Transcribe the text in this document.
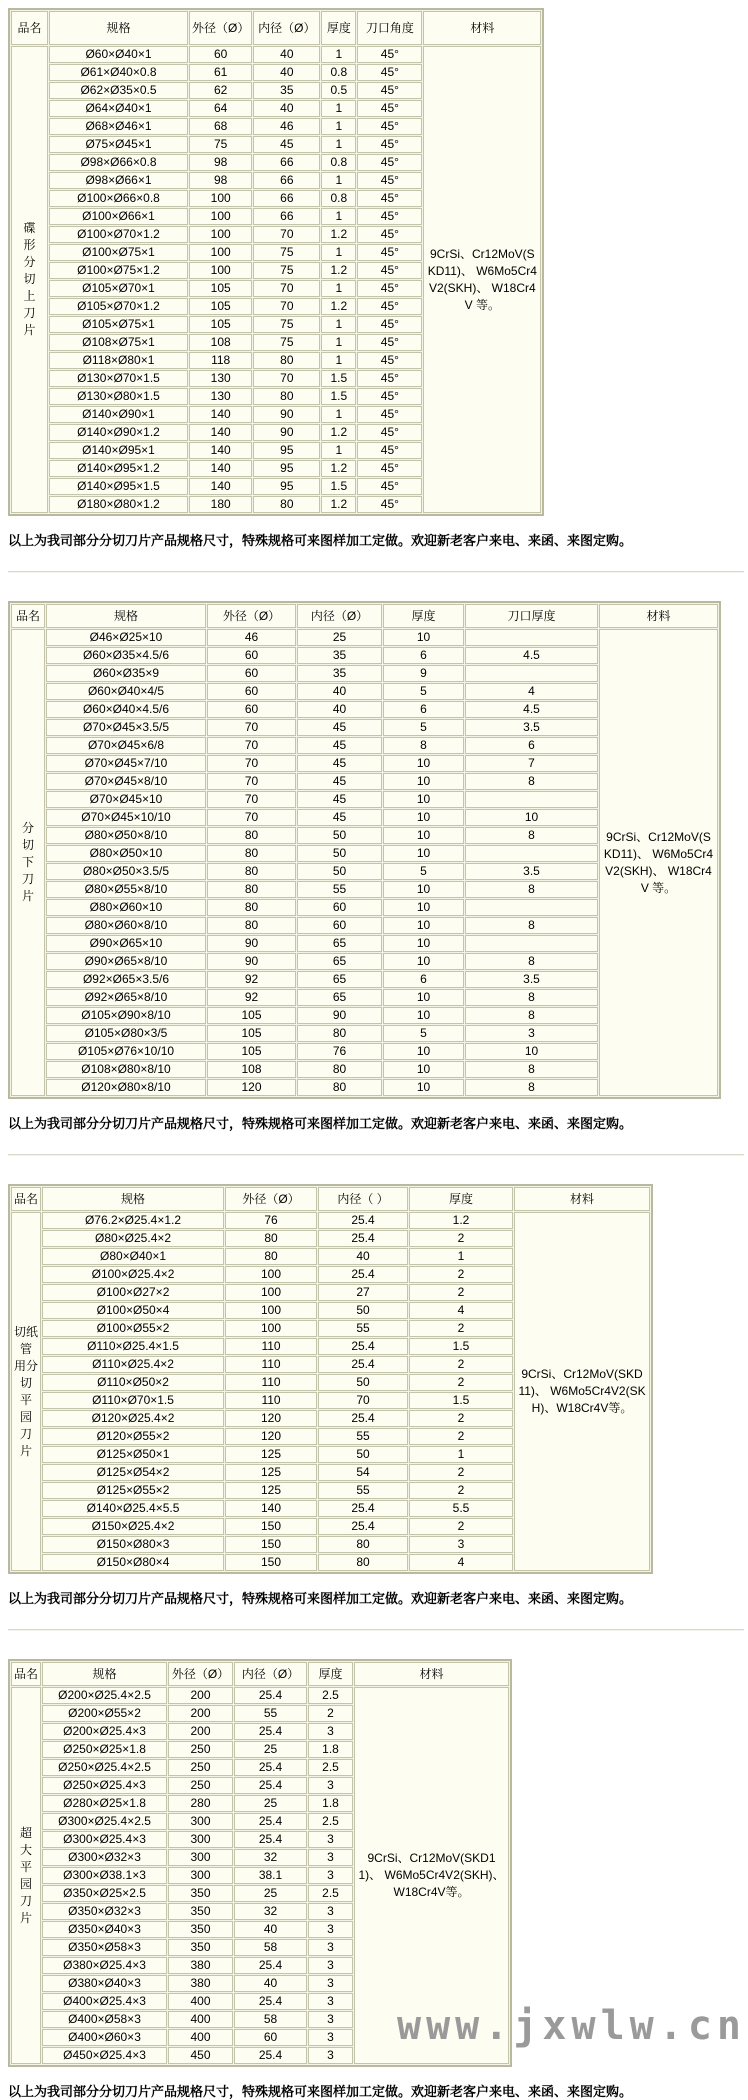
品名	规格	外径（Ø）	内径（Ø）	厚度	刀口角度	材料

碟
形
分
切
上
刀
片
	Ø60×Ø40×1	60	40	1	45°	9CrSi、Cr12MoV(SKD11)、 W6Mo5Cr4V2(SKH)、 W18Cr4V 等。
	Ø61×Ø40×0.8	61	40	0.8	45°	
	Ø62×Ø35×0.5	62	35	0.5	45°	
	Ø64×Ø40×1	64	40	1	45°	
	Ø68×Ø46×1	68	46	1	45°	
	Ø75×Ø45×1	75	45	1	45°	
	Ø98×Ø66×0.8	98	66	0.8	45°	
	Ø98×Ø66×1	98	66	1	45°	
	Ø100×Ø66×0.8	100	66	0.8	45°	
	Ø100×Ø66×1	100	66	1	45°	
	Ø100×Ø70×1.2	100	70	1.2	45°	
	Ø100×Ø75×1	100	75	1	45°	
	Ø100×Ø75×1.2	100	75	1.2	45°	
	Ø105×Ø70×1	105	70	1	45°	
	Ø105×Ø70×1.2	105	70	1.2	45°	
	Ø105×Ø75×1	105	75	1	45°	
	Ø108×Ø75×1	108	75	1	45°	
	Ø118×Ø80×1	118	80	1	45°	
	Ø130×Ø70×1.5	130	70	1.5	45°	
	Ø130×Ø80×1.5	130	80	1.5	45°	
	Ø140×Ø90×1	140	90	1	45°	
	Ø140×Ø90×1.2	140	90	1.2	45°	
	Ø140×Ø95×1	140	95	1	45°	
	Ø140×Ø95×1.2	140	95	1.2	45°	
	Ø140×Ø95×1.5	140	95	1.5	45°	
	Ø180×Ø80×1.2	180	80	1.2	45°	

以上为我司部分分切刀片产品规格尺寸，特殊规格可来图样加工定做。欢迎新老客户来电、来函、来图定购。

品名	规格	外径（Ø）	内径（Ø）	厚度	刀口厚度	材料

分
切
下
刀
片	Ø46×Ø25×10	46	25	10		9CrSi、Cr12MoV(SKD11)、 W6Mo5Cr4V2(SKH)、 W18Cr4V 等。
	Ø60×Ø35×4.5/6	60	35	6	4.5	
	Ø60×Ø35×9	60	35	9		
	Ø60×Ø40×4/5	60	40	5	4	
	Ø60×Ø40×4.5/6	60	40	6	4.5	
	Ø70×Ø45×3.5/5	70	45	5	3.5	
	Ø70×Ø45×6/8	70	45	8	6	
	Ø70×Ø45×7/10	70	45	10	7	
	Ø70×Ø45×8/10	70	45	10	8	
	Ø70×Ø45×10	70	45	10		
	Ø70×Ø45×10/10	70	45	10	10	
	Ø80×Ø50×8/10	80	50	10	8	
	Ø80×Ø50×10	80	50	10		
	Ø80×Ø50×3.5/5	80	50	5	3.5	
	Ø80×Ø55×8/10	80	55	10	8	
	Ø80×Ø60×10	80	60	10		
	Ø80×Ø60×8/10	80	60	10	8	
	Ø90×Ø65×10	90	65	10		
	Ø90×Ø65×8/10	90	65	10	8	
	Ø92×Ø65×3.5/6	92	65	6	3.5	
	Ø92×Ø65×8/10	92	65	10	8	
	Ø105×Ø90×8/10	105	90	10	8	
	Ø105×Ø80×3/5	105	80	5	3	
	Ø105×Ø76×10/10	105	76	10	10	
	Ø108×Ø80×8/10	108	80	10	8	
	Ø120×Ø80×8/10	120	80	10	8	

以上为我司部分分切刀片产品规格尺寸，特殊规格可来图样加工定做。欢迎新老客户来电、来函、来图定购。

品名	规格	外径（Ø）	内径（ ）	厚度	材料

切纸管
用分
切
平
园
刀
片
	Ø76.2×Ø25.4×1.2	76	25.4	1.2	9CrSi、Cr12MoV(SKD11)、 W6Mo5Cr4V2(SKH)、W18Cr4V等。
	Ø80×Ø25.4×2	80	25.4	2	
	Ø80×Ø40×1	80	40	1	
	Ø100×Ø25.4×2	100	25.4	2	
	Ø100×Ø27×2	100	27	2	
	Ø100×Ø50×4	100	50	4	
	Ø100×Ø55×2	100	55	2	
	Ø110×Ø25.4×1.5	110	25.4	1.5	
	Ø110×Ø25.4×2	110	25.4	2	
	Ø110×Ø50×2	110	50	2	
	Ø110×Ø70×1.5	110	70	1.5	
	Ø120×Ø25.4×2	120	25.4	2	
	Ø120×Ø55×2	120	55	2	
	Ø125×Ø50×1	125	50	1	
	Ø125×Ø54×2	125	54	2	
	Ø125×Ø55×2	125	55	2	
	Ø140×Ø25.4×5.5	140	25.4	5.5	
	Ø150×Ø25.4×2	150	25.4	2	
	Ø150×Ø80×3	150	80	3	
	Ø150×Ø80×4	150	80	4	

以上为我司部分分切刀片产品规格尺寸，特殊规格可来图样加工定做。欢迎新老客户来电、来函、来图定购。

品名	规格	外径（Ø）	内径（Ø）	厚度	材料

超
大
平
园
刀
片
	Ø200×Ø25.4×2.5	200	25.4	2.5	9CrSi、Cr12MoV(SKD11)、 W6Mo5Cr4V2(SKH)、 W18Cr4V等。
	Ø200×Ø55×2	200	55	2	
	Ø200×Ø25.4×3	200	25.4	3	
	Ø250×Ø25×1.8	250	25	1.8	
	Ø250×Ø25.4×2.5	250	25.4	2.5	
	Ø250×Ø25.4×3	250	25.4	3	
	Ø280×Ø25×1.8	280	25	1.8	
	Ø300×Ø25.4×2.5	300	25.4	2.5	
	Ø300×Ø25.4×3	300	25.4	3	
	Ø300×Ø32×3	300	32	3	
	Ø300×Ø38.1×3	300	38.1	3	
	Ø350×Ø25×2.5	350	25	2.5	
	Ø350×Ø32×3	350	32	3	
	Ø350×Ø40×3	350	40	3	
	Ø350×Ø58×3	350	58	3	
	Ø380×Ø25.4×3	380	25.4	3	
	Ø380×Ø40×3	380	40	3	
	Ø400×Ø25.4×3	400	25.4	3	
	Ø400×Ø58×3	400	58	3	
	Ø400×Ø60×3	400	60	3	
	Ø450×Ø25.4×3	450	25.4	3	

以上为我司部分分切刀片产品规格尺寸，特殊规格可来图样加工定做。欢迎新老客户来电、来函、来图定购。

www.jxwlw.cn
